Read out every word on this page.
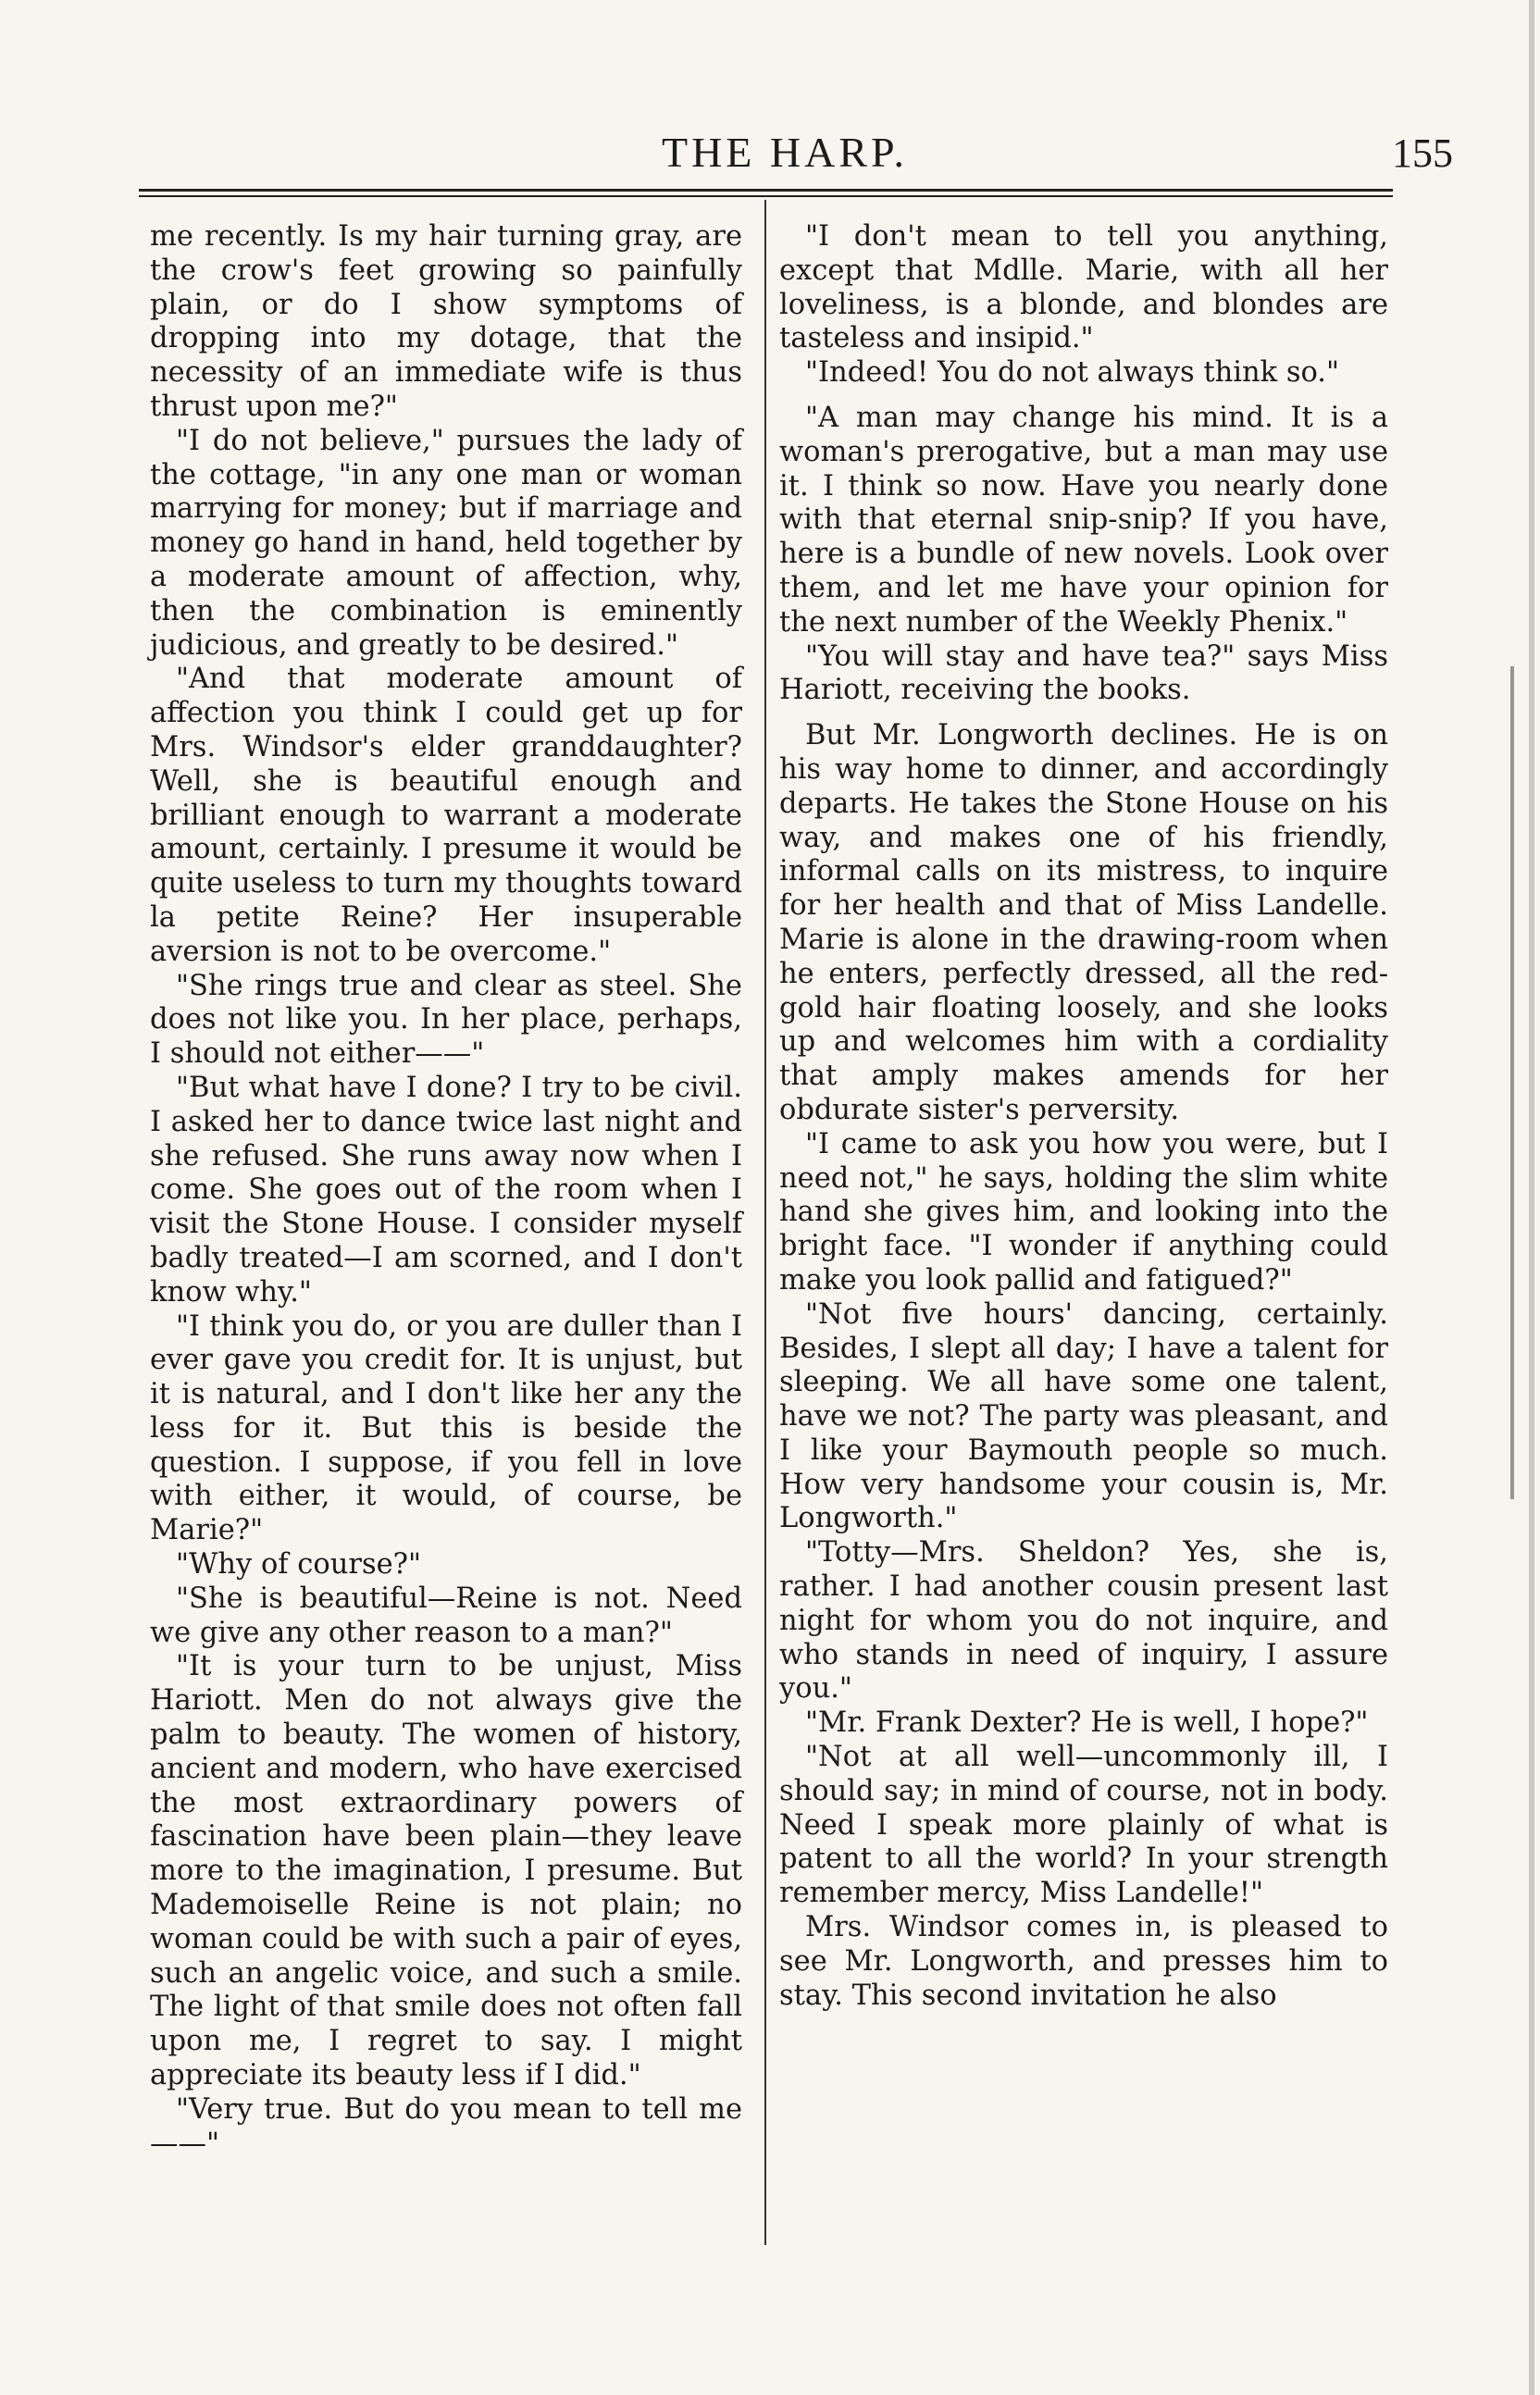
THE HARP.	155

me recently. Is my hair turning gray, are the crow's feet growing so painfully plain, or do I show symptoms of dropping into my dotage, that the necessity of an immediate wife is thus thrust upon me?"

"I do not believe," pursues the lady of the cottage, "in any one man or woman marrying for money; but if marriage and money go hand in hand, held together by a moderate amount of affection, why, then the combination is eminently judicious, and greatly to be desired."

"And that moderate amount of affection you think I could get up for Mrs. Windsor's elder granddaughter? Well, she is beautiful enough and brilliant enough to warrant a moderate amount, certainly. I presume it would be quite useless to turn my thoughts toward la petite Reine? Her insuperable aversion is not to be overcome."

"She rings true and clear as steel. She does not like you. In her place, perhaps, I should not either——"

"But what have I done? I try to be civil. I asked her to dance twice last night and she refused. She runs away now when I come. She goes out of the room when I visit the Stone House. I consider myself badly treated—I am scorned, and I don't know why."

"I think you do, or you are duller than I ever gave you credit for. It is unjust, but it is natural, and I don't like her any the less for it. But this is beside the question. I suppose, if you fell in love with either, it would, of course, be Marie?"

"Why of course?"

"She is beautiful—Reine is not. Need we give any other reason to a man?"

"It is your turn to be unjust, Miss Hariott. Men do not always give the palm to beauty. The women of history, ancient and modern, who have exercised the most extraordinary powers of fascination have been plain—they leave more to the imagination, I presume. But Mademoiselle Reine is not plain; no woman could be with such a pair of eyes, such an angelic voice, and such a smile. The light of that smile does not often fall upon me, I regret to say. I might appreciate its beauty less if I did."

"Very true. But do you mean to tell me——"

"I don't mean to tell you anything, except that Mdlle. Marie, with all her loveliness, is a blonde, and blondes are tasteless and insipid."

"Indeed! You do not always think so."

"A man may change his mind. It is a woman's prerogative, but a man may use it. I think so now. Have you nearly done with that eternal snip-snip? If you have, here is a bundle of new novels. Look over them, and let me have your opinion for the next number of the Weekly Phenix."

"You will stay and have tea?" says Miss Hariott, receiving the books.

But Mr. Longworth declines. He is on his way home to dinner, and accordingly departs. He takes the Stone House on his way, and makes one of his friendly, informal calls on its mistress, to inquire for her health and that of Miss Landelle. Marie is alone in the drawing-room when he enters, perfectly dressed, all the red-gold hair floating loosely, and she looks up and welcomes him with a cordiality that amply makes amends for her obdurate sister's perversity.

"I came to ask you how you were, but I need not," he says, holding the slim white hand she gives him, and looking into the bright face. "I wonder if anything could make you look pallid and fatigued?"

"Not five hours' dancing, certainly. Besides, I slept all day; I have a talent for sleeping. We all have some one talent, have we not? The party was pleasant, and I like your Baymouth people so much. How very handsome your cousin is, Mr. Longworth."

"Totty—Mrs. Sheldon? Yes, she is, rather. I had another cousin present last night for whom you do not inquire, and who stands in need of inquiry, I assure you."

"Mr. Frank Dexter? He is well, I hope?"

"Not at all well—uncommonly ill, I should say; in mind of course, not in body. Need I speak more plainly of what is patent to all the world? In your strength remember mercy, Miss Landelle!"

Mrs. Windsor comes in, is pleased to see Mr. Longworth, and presses him to stay. This second invitation he also
